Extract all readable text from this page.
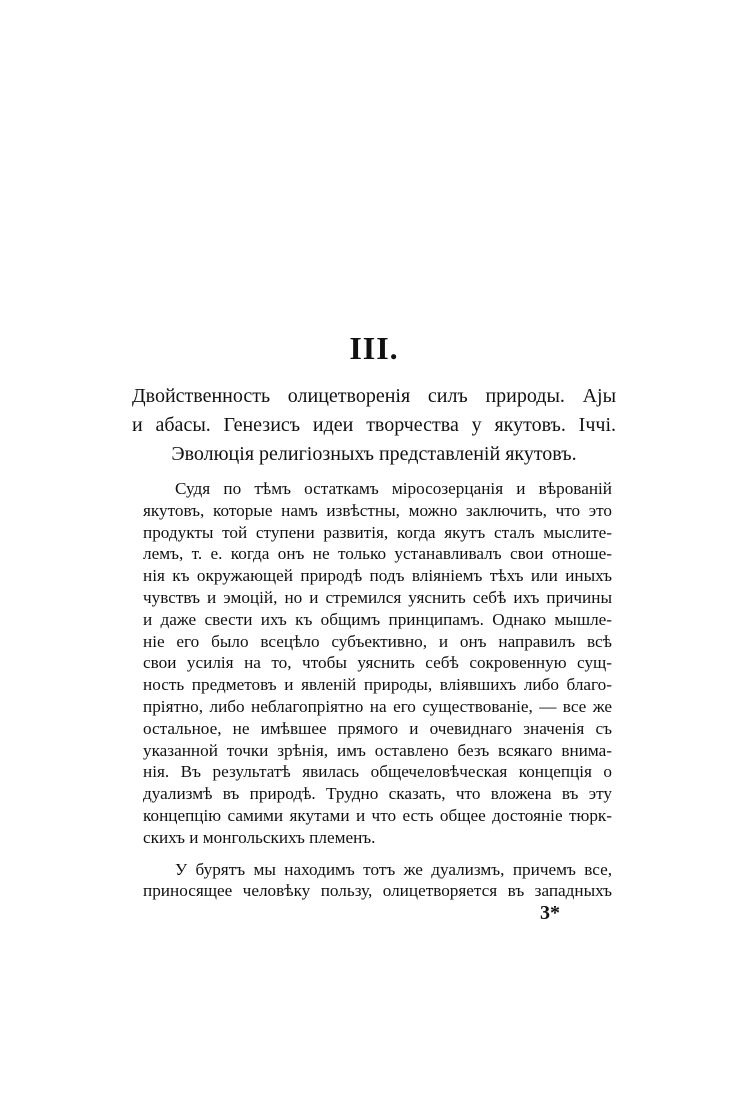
III.
Двойственность олицетворенія силъ природы. Аjы
и абасы. Генезисъ идеи творчества у якутовъ. Іччі.
Эволюція религіозныхъ представленій якутовъ.
Судя по тѣмъ остаткамъ міросозерцанія и вѣрованій
якутовъ, которые намъ извѣстны, можно заключить, что это
продукты той ступени развитія, когда якутъ сталъ мыслите-
лемъ, т. е. когда онъ не только устанавливалъ свои отноше-
нія къ окружающей природѣ подъ вліяніемъ тѣхъ или иныхъ
чувствъ и эмоцій, но и стремился уяснить себѣ ихъ причины
и даже свести ихъ къ общимъ принципамъ. Однако мышле-
ніе его было всецѣло субъективно, и онъ направилъ всѣ
свои усилія на то, чтобы уяснить себѣ сокровенную сущ-
ность предметовъ и явленій природы, вліявшихъ либо благо-
пріятно, либо неблагопріятно на его существованіе, — все же
остальное, не имѣвшее прямого и очевиднаго значенія съ
указанной точки зрѣнія, имъ оставлено безъ всякаго внима-
нія. Въ результатѣ явилась общечеловѣческая концепція о
дуализмѣ въ природѣ. Трудно сказать, что вложена въ эту
концепцію самими якутами и что есть общее достояніе тюрк-
скихъ и монгольскихъ племенъ.
У бурятъ мы находимъ тотъ же дуализмъ, причемъ все,
приносящее человѣку пользу, олицетворяется въ западныхъ
3*
